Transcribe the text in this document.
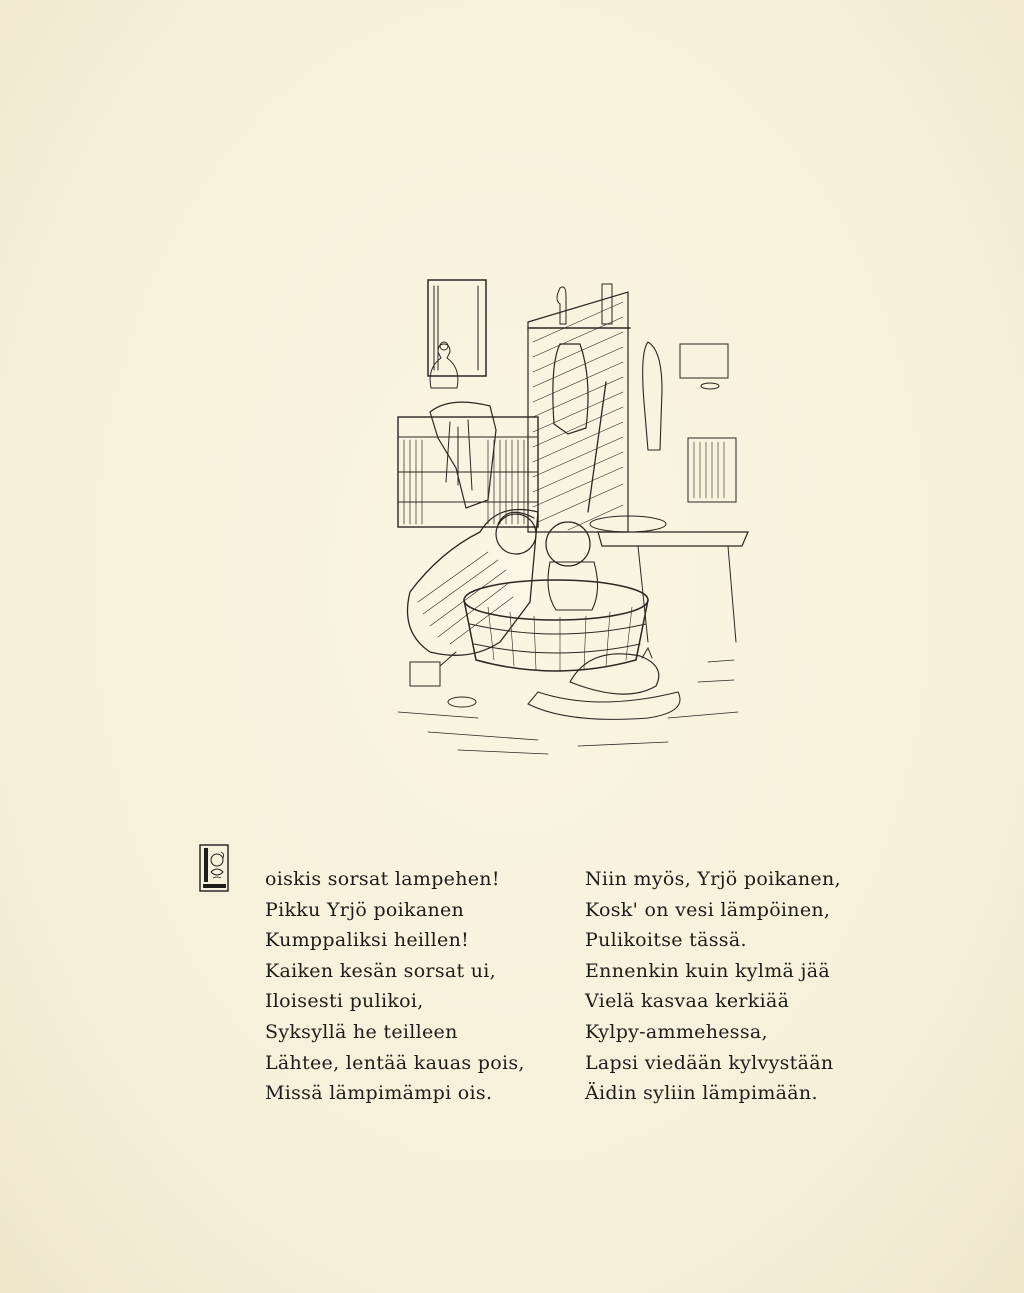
oiskis sorsat lampehen!
Pikku Yrjö poikanen
Kumppaliksi heillen!
Kaiken kesän sorsat ui,
Iloisesti pulikoi,
Syksyllä he teilleen
Lähtee, lentää kauas pois,
Missä lämpimämpi ois.
Niin myös, Yrjö poikanen,
Kosk' on vesi lämpöinen,
Pulikoitse tässä.
Ennenkin kuin kylmä jää
Vielä kasvaa kerkiää
Kylpy-ammehessa,
Lapsi viedään kylvystään
Äidin syliin lämpimään.
